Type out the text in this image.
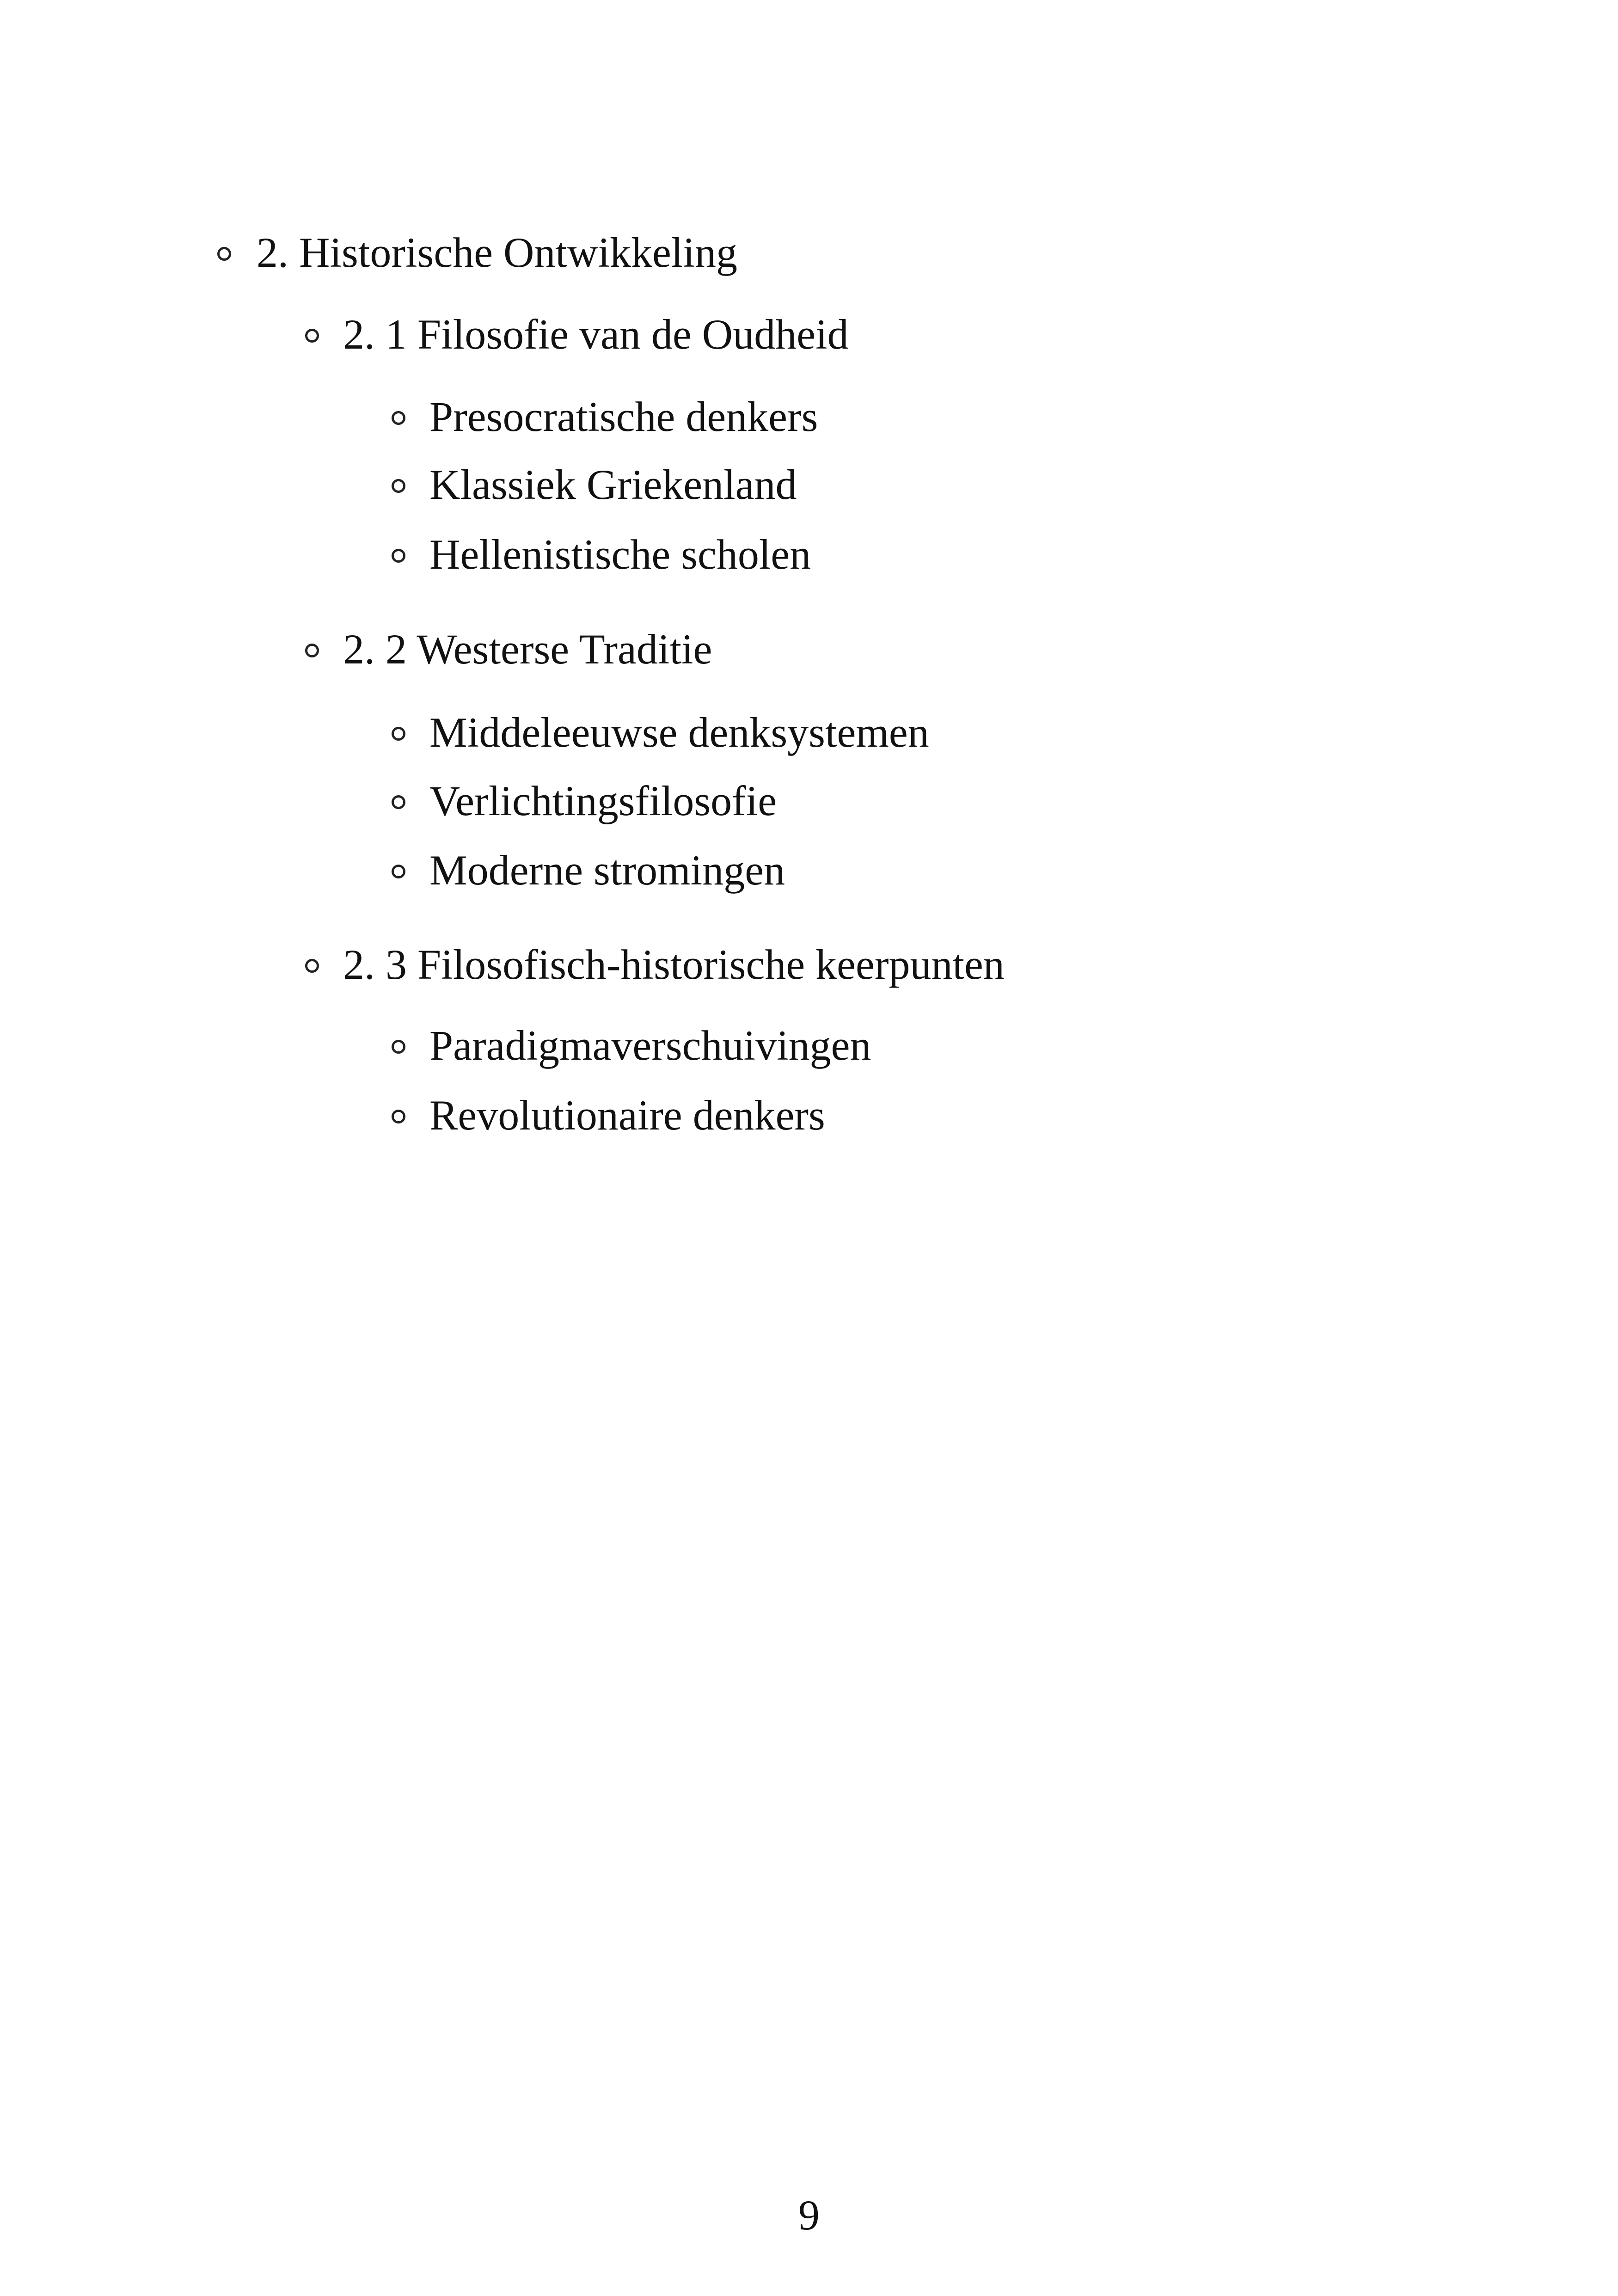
2. Historische Ontwikkeling
2. 1 Filosofie van de Oudheid
Presocratische denkers
Klassiek Griekenland
Hellenistische scholen
2. 2 Westerse Traditie
Middeleeuwse denksystemen
Verlichtingsfilosofie
Moderne stromingen
2. 3 Filosofisch-historische keerpunten
Paradigmaverschuivingen
Revolutionaire denkers
9
